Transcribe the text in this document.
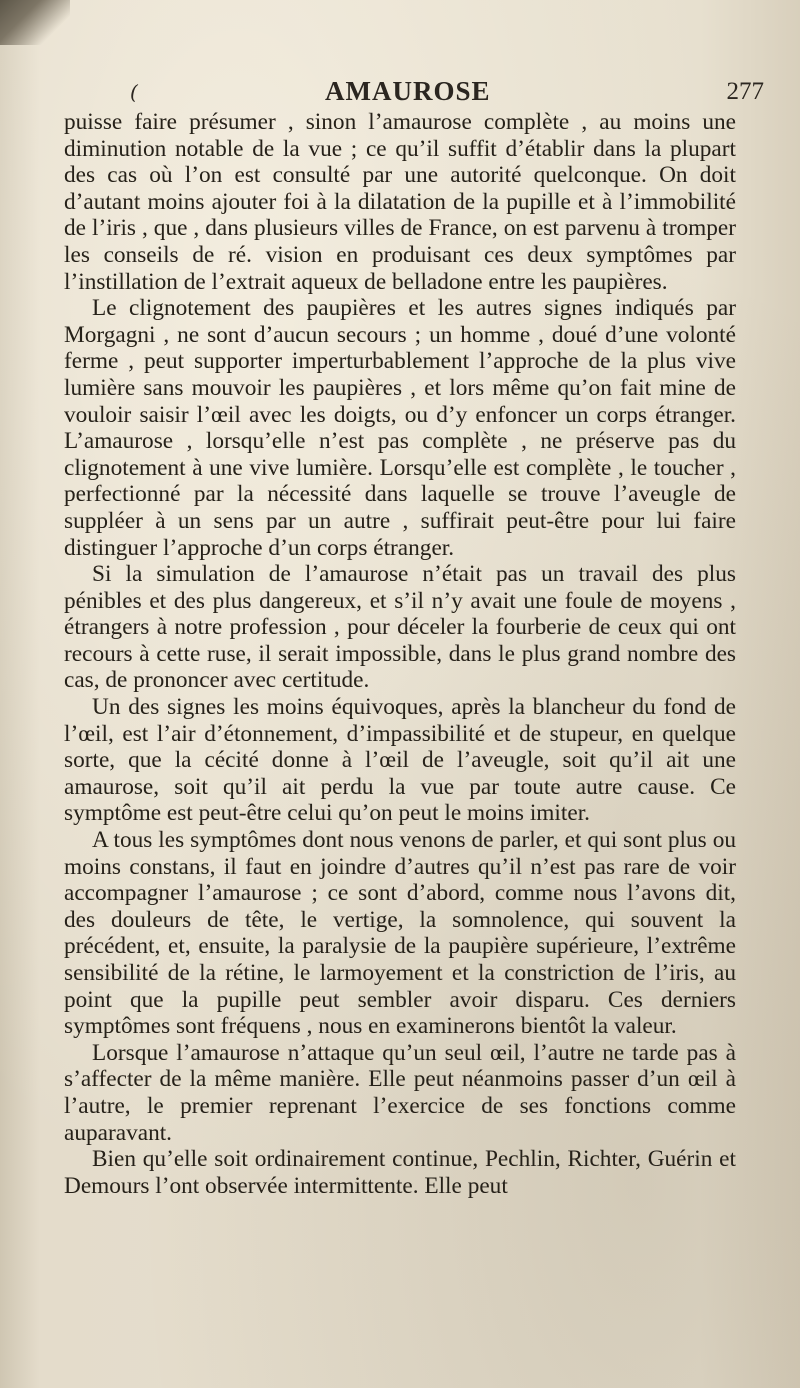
(	AMAUROSE	277

puisse faire présumer , sinon l’amaurose complète , au moins une diminution notable de la vue ; ce qu’il suffit d’établir dans la plupart des cas où l’on est consulté par une autorité quelconque. On doit d’autant moins ajouter foi à la dilatation de la pupille et à l’immobilité de l’iris , que , dans plusieurs villes de France, on est parvenu à tromper les conseils de ré. vision en produisant ces deux symptômes par l’instillation de l’extrait aqueux de belladone entre les paupières.

Le clignotement des paupières et les autres signes indiqués par Morgagni , ne sont d’aucun secours ; un homme , doué d’une volonté ferme , peut supporter imperturbablement l’approche de la plus vive lumière sans mouvoir les paupières , et lors même qu’on fait mine de vouloir saisir l’œil avec les doigts, ou d’y enfoncer un corps étranger. L’amaurose , lorsqu’elle n’est pas complète , ne préserve pas du clignotement à une vive lumière. Lorsqu’elle est complète , le toucher , perfectionné par la nécessité dans laquelle se trouve l’aveugle de suppléer à un sens par un autre , suffirait peut-être pour lui faire distinguer l’approche d’un corps étranger.

Si la simulation de l’amaurose n’était pas un travail des plus pénibles et des plus dangereux, et s’il n’y avait une foule de moyens , étrangers à notre profession , pour déceler la fourberie de ceux qui ont recours à cette ruse, il serait impossible, dans le plus grand nombre des cas, de prononcer avec certitude.

Un des signes les moins équivoques, après la blancheur du fond de l’œil, est l’air d’étonnement, d’impassibilité et de stupeur, en quelque sorte, que la cécité donne à l’œil de l’aveugle, soit qu’il ait une amaurose, soit qu’il ait perdu la vue par toute autre cause. Ce symptôme est peut-être celui qu’on peut le moins imiter.

A tous les symptômes dont nous venons de parler, et qui sont plus ou moins constans, il faut en joindre d’autres qu’il n’est pas rare de voir accompagner l’amaurose ; ce sont d’abord, comme nous l’avons dit, des douleurs de tête, le vertige, la somnolence, qui souvent la précédent, et, ensuite, la paralysie de la paupière supérieure, l’extrême sensibilité de la rétine, le larmoyement et la constriction de l’iris, au point que la pupille peut sembler avoir disparu. Ces derniers symptômes sont fréquens , nous en examinerons bientôt la valeur.

Lorsque l’amaurose n’attaque qu’un seul œil, l’autre ne tarde pas à s’affecter de la même manière. Elle peut néanmoins passer d’un œil à l’autre, le premier reprenant l’exercice de ses fonctions comme auparavant.

Bien qu’elle soit ordinairement continue, Pechlin, Richter, Guérin et Demours l’ont observée intermittente. Elle peut
